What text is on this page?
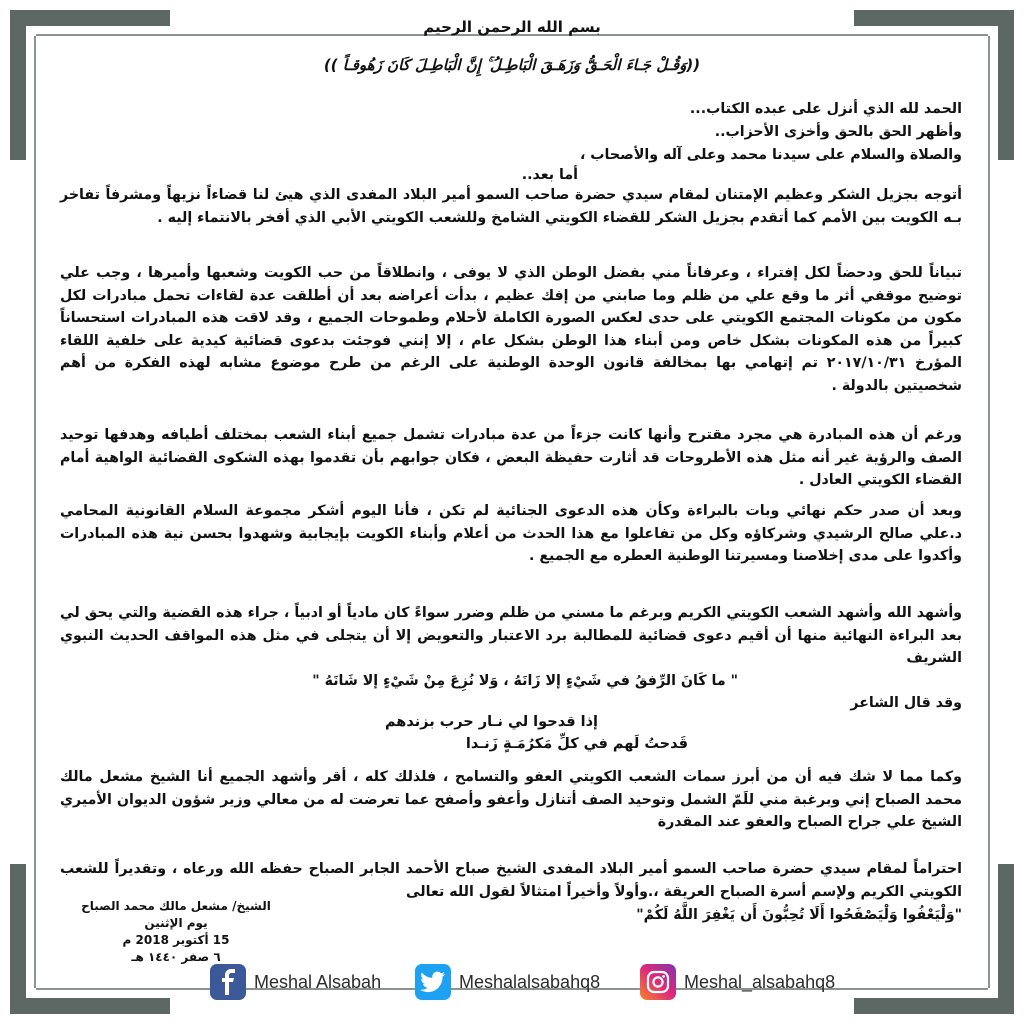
بسم الله الرحمن الرحيم
((وَقُـلْ جَـاءَ الْحَـقُّ وَزَهَـقَ الْبَاطِـلُ ۚ إِنَّ الْبَاطِـلَ كَانَ زَهُوقـاً ))
الحمد لله الذي أنزل على عبده الكتاب...
وأظهر الحق بالحق وأخزى الأحزاب..
والصلاة والسلام على سيدنا محمد وعلى آله والأصحاب ،
أما بعد..
أتوجه بجزيل الشكر وعظيم الإمتنان لمقام سيدي حضرة صاحب السمو أمير البلاد المفدى الذي هيئ لنا قضاءاً نزيهاً ومشرفاً تفاخر بـه الكويت بين الأمم كما أتقدم بجزيل الشكر للقضاء الكويتي الشامخ وللشعب الكويتي الأبي الذي أفخر بالانتماء إليه .
تبياناً للحق ودحضاً لكل إفتراء ، وعرفاناً مني بفضل الوطن الذي لا يوفى ، وانطلاقاً من حب الكويت وشعبها وأميرها ، وجب علي توضيح موقفي أثر ما وقع علي من ظلم وما صابني من إفك عظيم ، بدأت أعراضه بعد أن أطلقت عدة لقاءات تحمل مبادرات لكل مكون من مكونات المجتمع الكويتي على حدى لعكس الصورة الكاملة لأحلام وطموحات الجميع ، وقد لاقت هذه المبادرات استحساناً كبيراً من هذه المكونات بشكل خاص ومن أبناء هذا الوطن بشكل عام ، إلا إنني فوجئت بدعوى قضائية كيدية على خلفية اللقاء المؤرخ ٢٠١٧/١٠/٣١ تم إتهامي بها بمخالفة قانون الوحدة الوطنية على الرغم من طرح موضوع مشابه لهذه الفكرة من أهم شخصيتين بالدولة .
ورغم أن هذه المبادرة هي مجرد مقترح وأنها كانت جزءاً من عدة مبادرات تشمل جميع أبناء الشعب بمختلف أطيافه وهدفها توحيد الصف والرؤية غير أنه مثل هذه الأطروحات قد أثارت حفيظة البعض ، فكان جوابهم بأن تقدموا بهذه الشكوى القضائية الواهية أمام القضاء الكويتي العادل .
وبعد أن صدر حكم نهائي وبات بالبراءة وكأن هذه الدعوى الجنائية لم تكن ، فأنا اليوم أشكر مجموعة السلام القانونية المحامي د.علي صالح الرشيدي وشركاؤه وكل من تفاعلوا مع هذا الحدث من أعلام وأبناء الكويت بإيجابية وشهدوا بحسن نية هذه المبادرات وأكدوا على مدى إخلاصنا ومسيرتنا الوطنية العطره مع الجميع .
وأشهد الله وأشهد الشعب الكويتي الكريم وبرغم ما مسني من ظلم وضرر سواءً كان مادياً أو ادبياً ، جراء هذه القضية والتي يحق لي بعد البراءة النهائية منها أن أقيم دعوى قضائية للمطالبة برد الاعتبار والتعويض إلا أن يتجلى في مثل هذه المواقف الحديث النبوي الشريف
" ما كَانَ الرِّفقُ في شَيْءٍ إلا زَانَهُ ، وَلا نُزِعَ مِنْ شَيْءٍ إلا شَانَهُ "
وقد قال الشاعر
إذا قدحوا لي نـار حرب بزندهم
قَدحتُ لَهم في كلِّ مَكرُمَـةٍ زَنـدا
وكما مما لا شك فيه أن من أبرز سمات الشعب الكويتي العفو والتسامح ، فلذلك كله ، أقر وأشهد الجميع أنا الشيخ مشعل مالك محمد الصباح إني وبرغبة مني للَمّ الشمل وتوحيد الصف أتنازل وأعفو وأصفح عما تعرضت له من معالي وزير شؤون الديوان الأميري الشيخ علي جراح الصباح والعفو عند المقدرة
احتراماً لمقام سيدي حضرة صاحب السمو أمير البلاد المفدى الشيخ صباح الأحمد الجابر الصباح حفظه الله ورعاه ، وتقديراً للشعب الكويتي الكريم ولإسم أسرة الصباح العريقة ،.وأولاً وأخيراً امتثالاً لقول الله تعالى
"وَلْيَعْفُوا وَلْيَصْفَحُوا أَلَا تُحِبُّونَ أَن يَغْفِرَ اللَّهُ لَكُمْ"
الشيخ/ مشعل مالك محمد الصباح
يوم الإثنين
15 أكتوبر 2018 م
٦ صفر ١٤٤٠ هـ
Meshal Alsabah	Meshalalsabahq8	Meshal_alsabahq8
